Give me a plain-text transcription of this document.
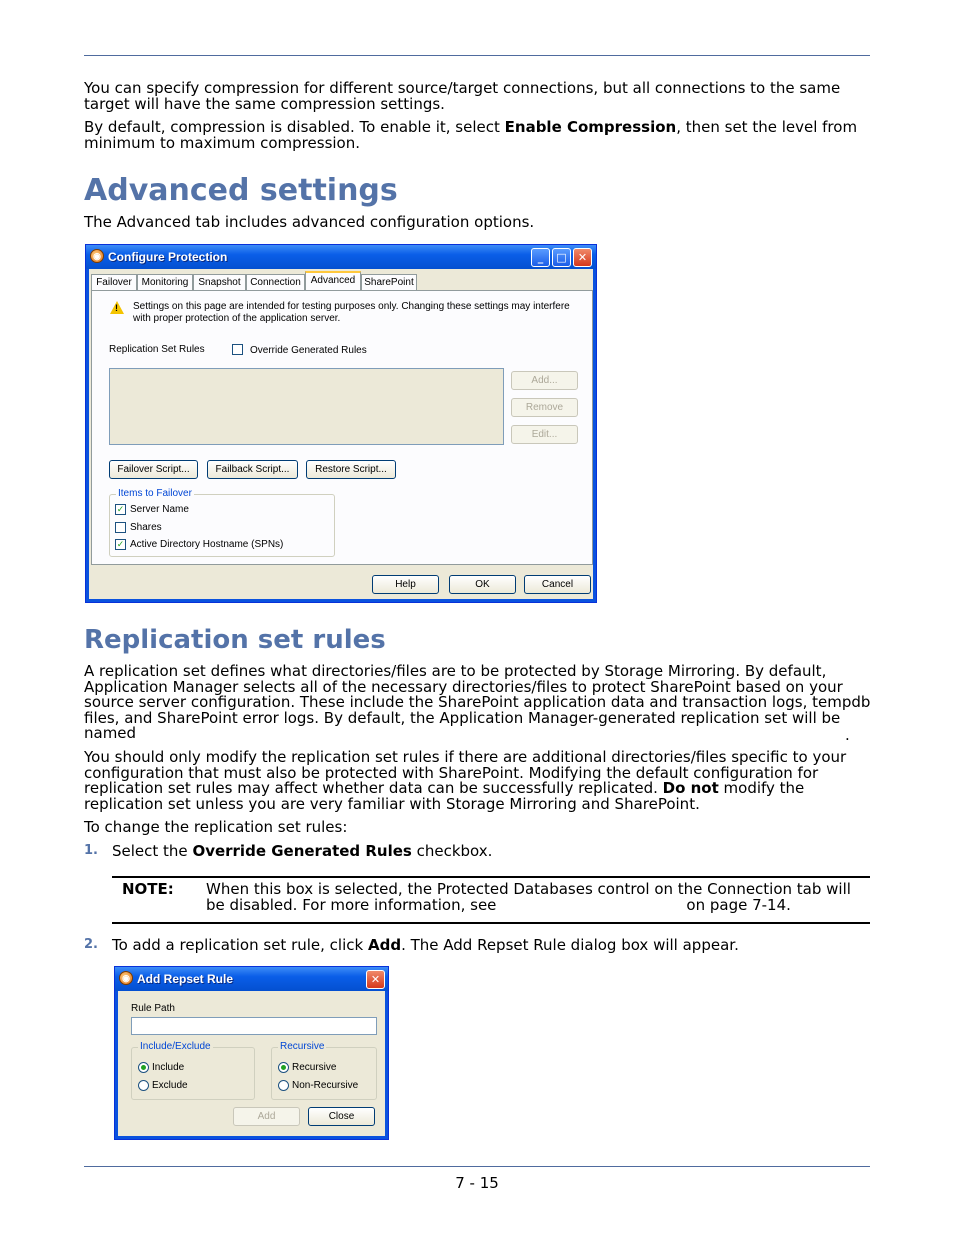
You can specify compression for different source/target connections, but all connections to the same target will have the same compression settings.

By default, compression is disabled. To enable it, select Enable Compression, then set the level from minimum to maximum compression.

Advanced settings

The Advanced tab includes advanced configuration options.

◉ Configure Protection	_	□	✕
Failover Monitoring	Snapshot Connection Advanced SharePoint
! Settings on this page are intended for testing purposes only. Changing these settings may interfere with proper protection of the application server.
Replication Set Rules	Override Generated Rules
Add...
Remove
Edit...
Failover Script...	Failback Script...	Restore Script...
Items to Failover
✓ Server Name
Shares
✓ Active Directory Hostname (SPNs)
Help	OK	Cancel
Replication set rules

A replication set defines what directories/files are to be protected by Storage Mirroring. By default, Application Manager selects all of the necessary directories/files to protect SharePoint based on your source server configuration. These include the SharePoint application data and transaction logs, tempdb files, and SharePoint error logs. By default, the Application Manager-generated replication set will be named	.

You should only modify the replication set rules if there are additional directories/files specific to your configuration that must also be protected with SharePoint. Modifying the default configuration for replication set rules may affect whether data can be successfully replicated. Do not modify the replication set unless you are very familiar with Storage Mirroring and SharePoint.

To change the replication set rules:

1. Select the Override Generated Rules checkbox.
NOTE: When this box is selected, the Protected Databases control on the Connection tab will be disabled. For more information, see	on page 7-14.
2. To add a replication set rule, click Add. The Add Repset Rule dialog box will appear.
◉ Add Repset Rule	✕
Rule Path
Include/Exclude
Include
Exclude
Recursive
Recursive
Non-Recursive
Add	Close
7 - 15
